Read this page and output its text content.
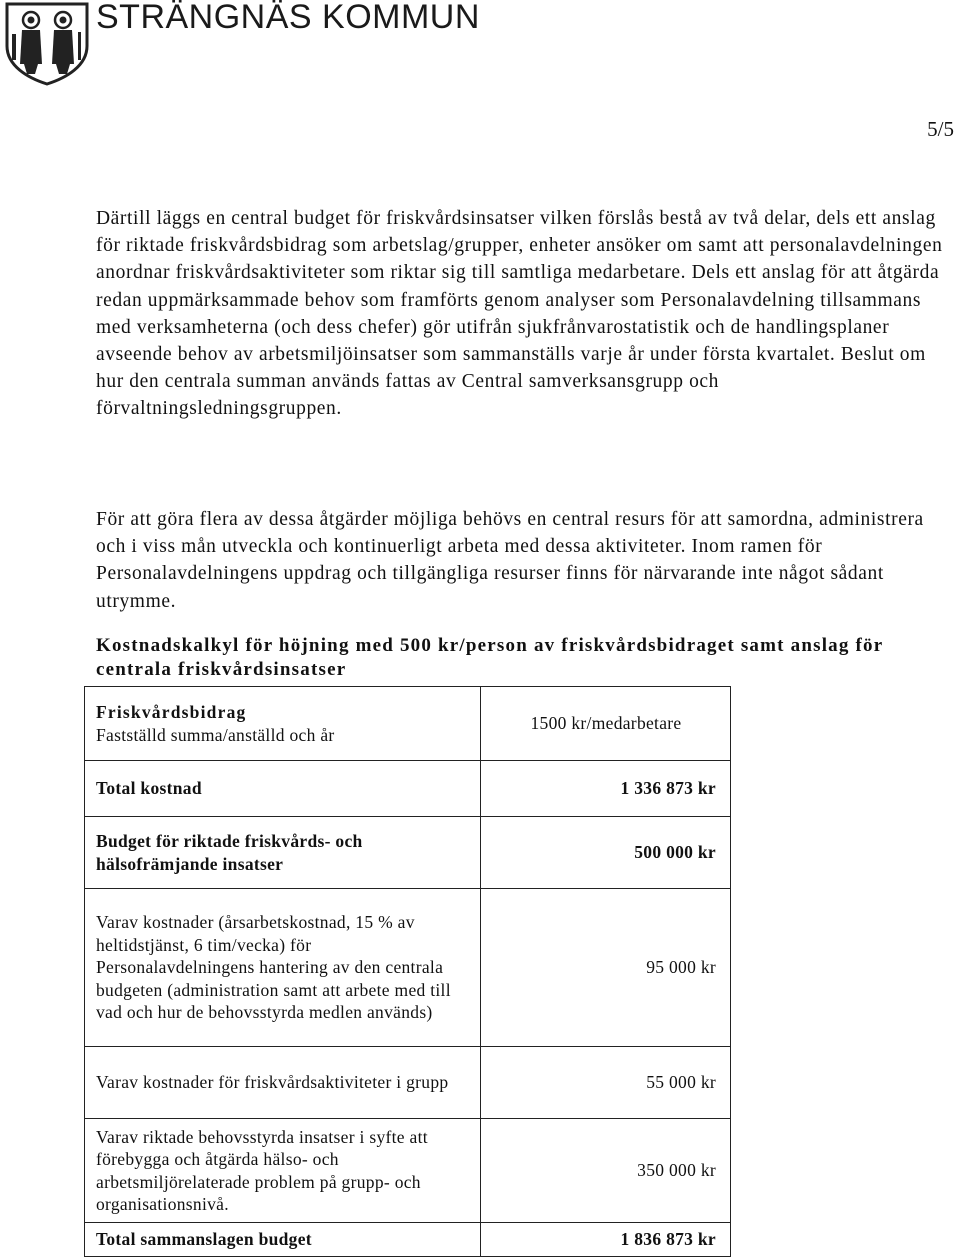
STRÄNGNÄS KOMMUN
5/5

Därtill läggs en central budget för friskvårdsinsatser vilken förslås bestå av två delar, dels ett anslag för riktade friskvårdsbidrag som arbetslag/grupper, enheter ansöker om samt att personalavdelningen anordnar friskvårdsaktiviteter som riktar sig till samtliga medarbetare. Dels ett anslag för att åtgärda redan uppmärksammade behov som framförts genom analyser som Personalavdelning tillsammans med verksamheterna (och dess chefer) gör utifrån sjukfrånvarostatistik och de handlingsplaner avseende behov av arbetsmiljöinsatser som sammanställs varje år under första kvartalet. Beslut om hur den centrala summan används fattas av Central samverksansgrupp och förvaltningsledningsgruppen.

För att göra flera av dessa åtgärder möjliga behövs en central resurs för att samordna, administrera och i viss mån utveckla och kontinuerligt arbeta med dessa aktiviteter. Inom ramen för Personalavdelningens uppdrag och tillgängliga resurser finns för närvarande inte något sådant utrymme.

Kostnadskalkyl för höjning med 500 kr/person av friskvårdsbidraget samt anslag för centrala friskvårdsinsatser

Friskvårdsbidrag
Fastställd summa/anställd och år	1500 kr/medarbetare
Total kostnad	1 336 873 kr
Budget för riktade friskvårds- och hälsofrämjande insatser	500 000 kr
Varav kostnader (årsarbetskostnad, 15 % av heltidstjänst, 6 tim/vecka) för Personalavdelningens hantering av den centrala budgeten (administration samt att arbete med till vad och hur de behovsstyrda medlen används)	95 000 kr
Varav kostnader för friskvårdsaktiviteter i grupp	55 000 kr
Varav riktade behovsstyrda insatser i syfte att förebygga och åtgärda hälso- och arbetsmiljörelaterade problem på grupp- och organisationsnivå.	350 000 kr
Total sammanslagen budget	1 836 873 kr
